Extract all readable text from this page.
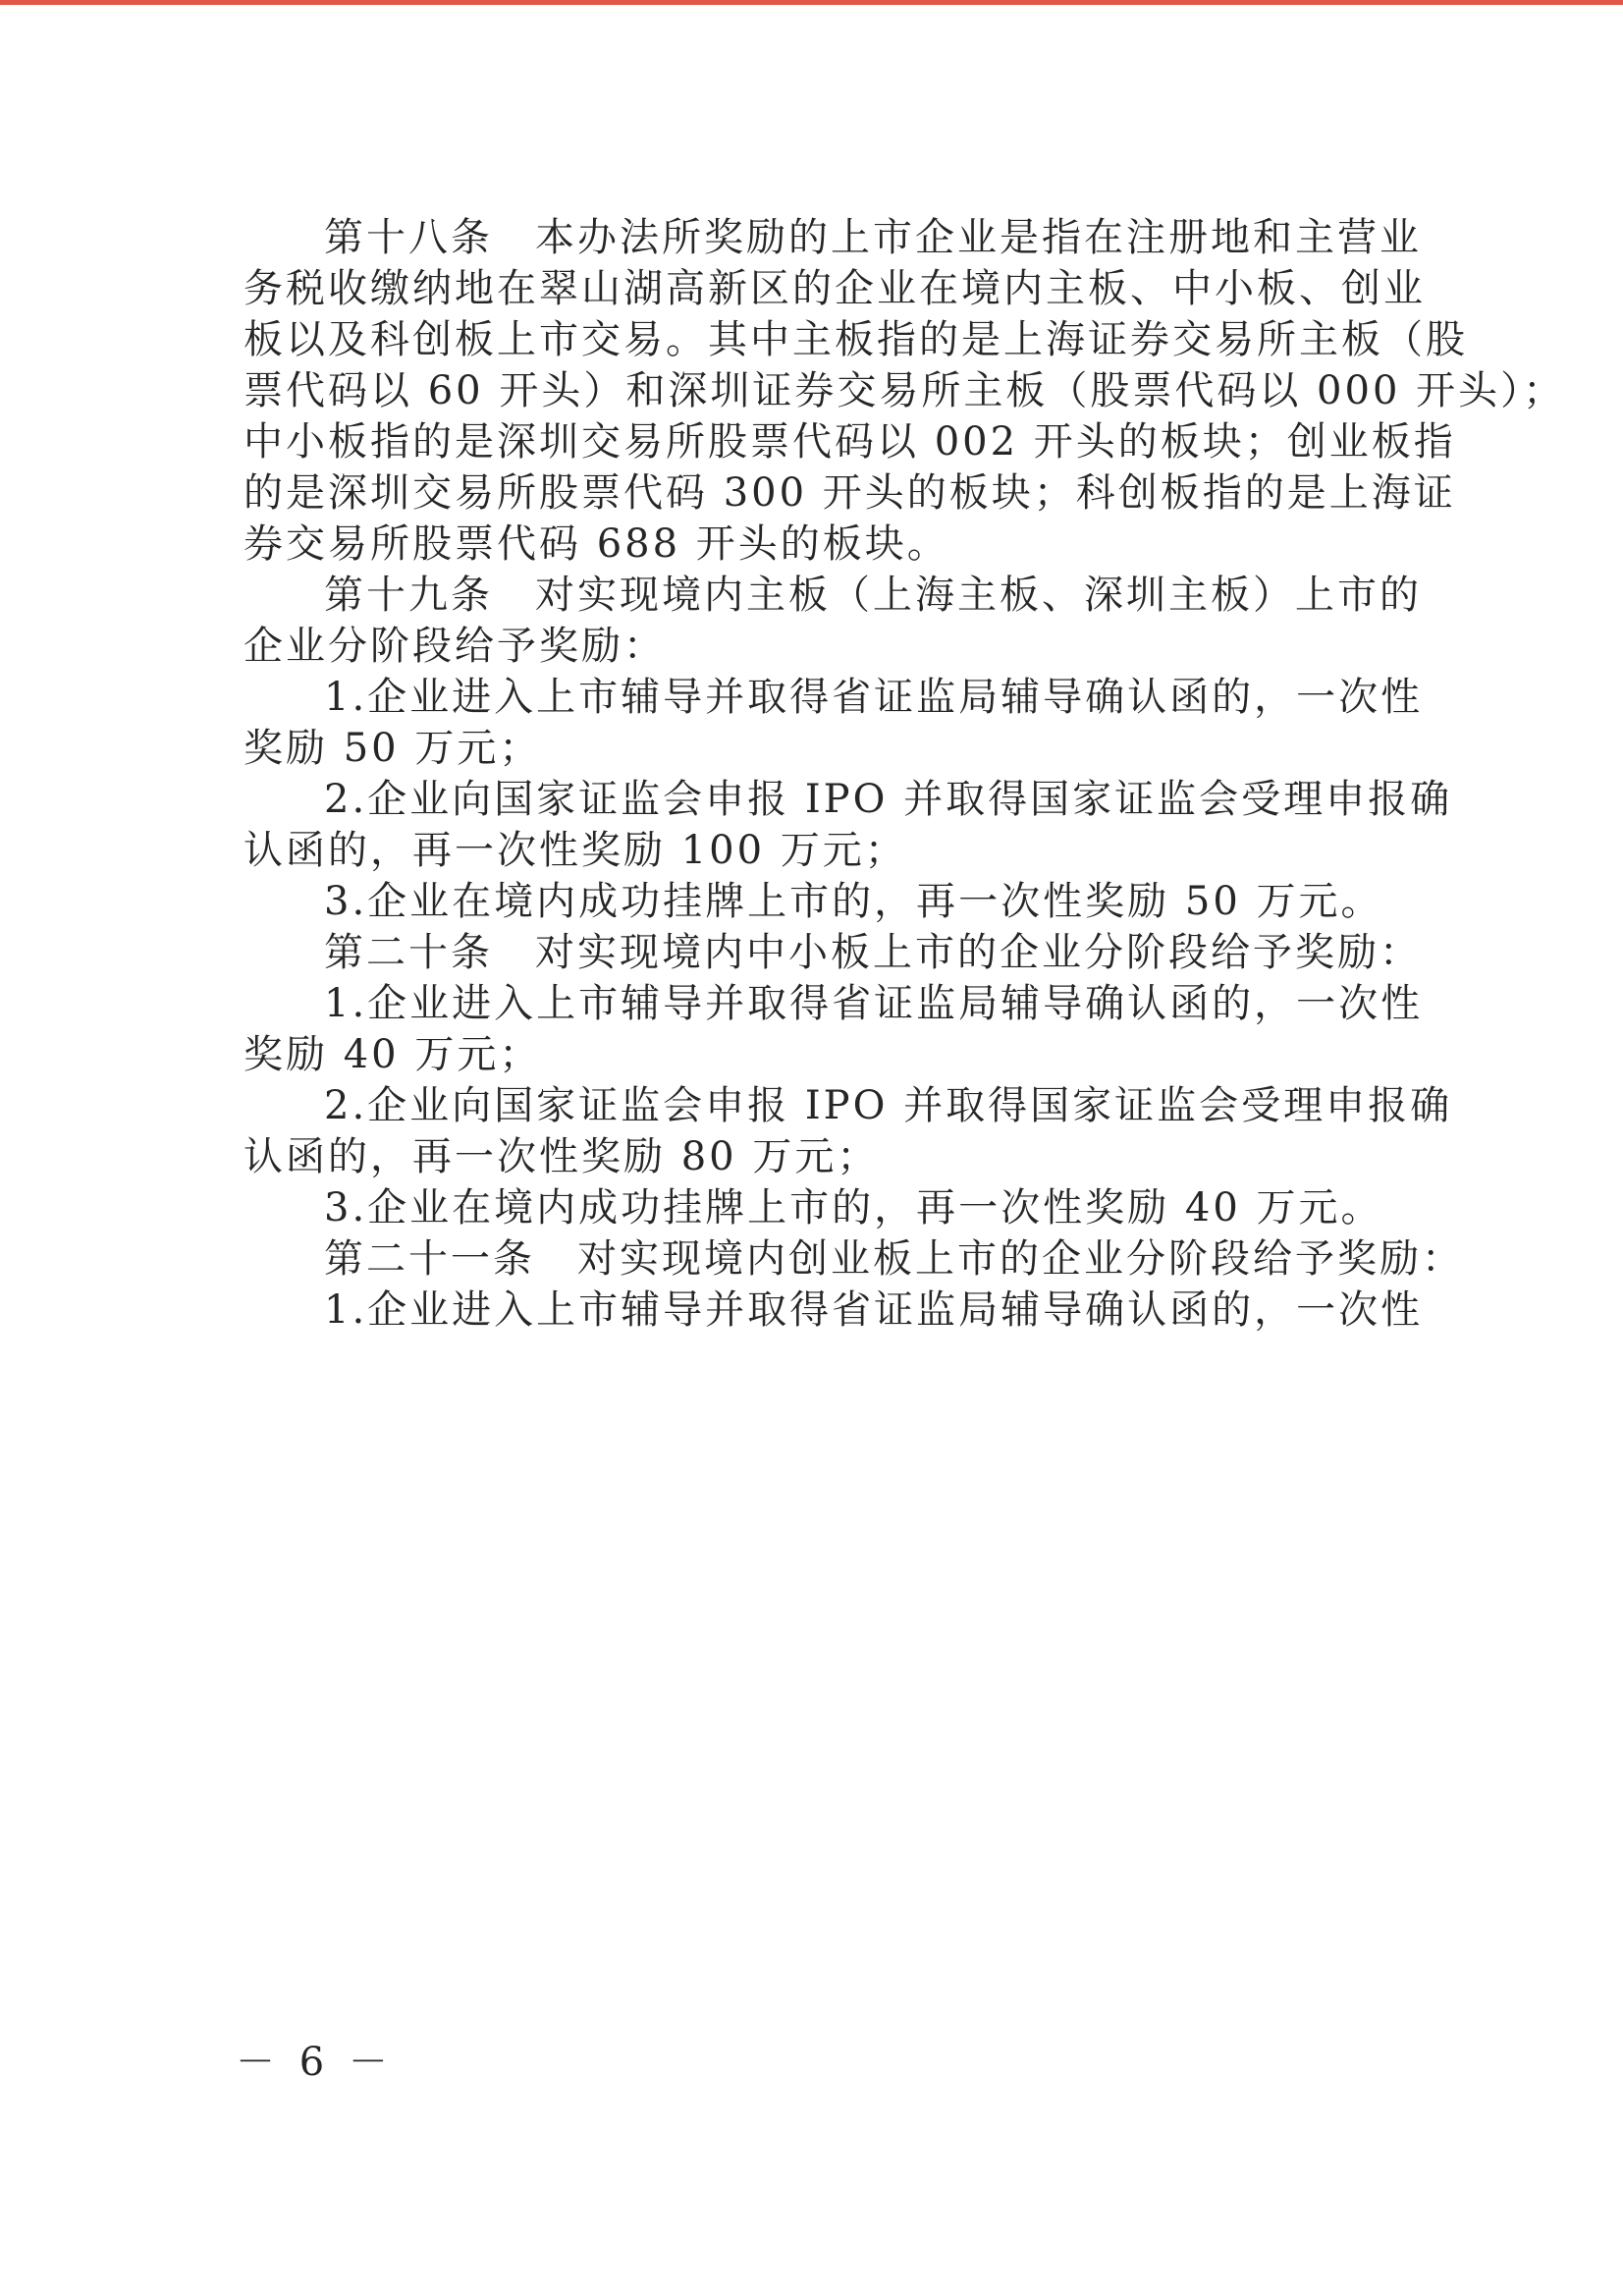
第十八条　本办法所奖励的上市企业是指在注册地和主营业
务税收缴纳地在翠山湖高新区的企业在境内主板、中小板、创业
板以及科创板上市交易。其中主板指的是上海证券交易所主板（股
票代码以 60 开头）和深圳证券交易所主板（股票代码以 000 开头）；
中小板指的是深圳交易所股票代码以 002 开头的板块；创业板指
的是深圳交易所股票代码 300 开头的板块；科创板指的是上海证
券交易所股票代码 688 开头的板块。
第十九条　对实现境内主板（上海主板、深圳主板）上市的
企业分阶段给予奖励：
1.企业进入上市辅导并取得省证监局辅导确认函的，一次性
奖励 50 万元；
2.企业向国家证监会申报 IPO 并取得国家证监会受理申报确
认函的，再一次性奖励 100 万元；
3.企业在境内成功挂牌上市的，再一次性奖励 50 万元。
第二十条　对实现境内中小板上市的企业分阶段给予奖励：
1.企业进入上市辅导并取得省证监局辅导确认函的，一次性
奖励 40 万元；
2.企业向国家证监会申报 IPO 并取得国家证监会受理申报确
认函的，再一次性奖励 80 万元；
3.企业在境内成功挂牌上市的，再一次性奖励 40 万元。
第二十一条　对实现境内创业板上市的企业分阶段给予奖励：
1.企业进入上市辅导并取得省证监局辅导确认函的，一次性
－ 6 －
